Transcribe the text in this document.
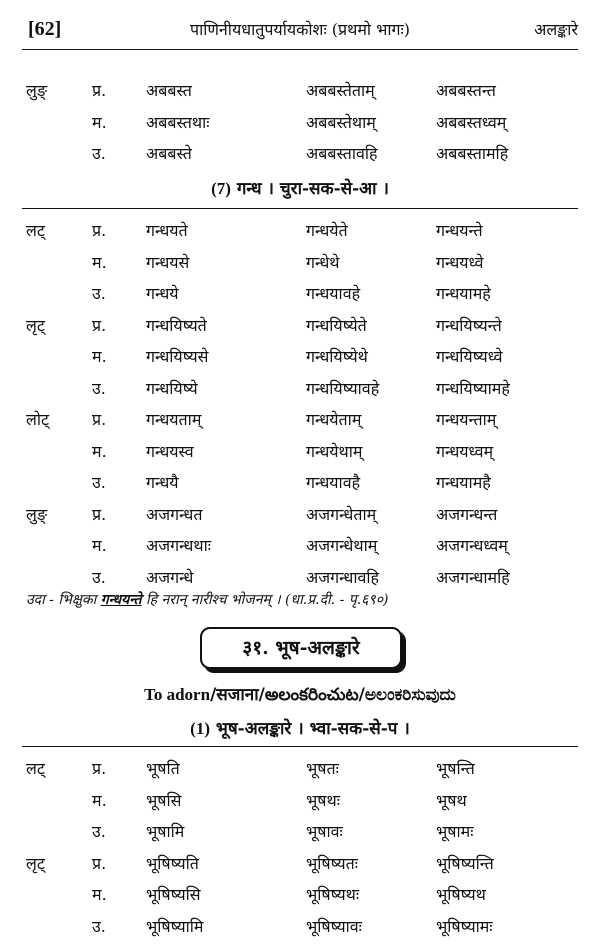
[62]	पाणिनीयधातुपर्यायकोशः (प्रथमो भागः)	अलङ्कारे
लुङ्	प्र. अबबस्त	अबबस्तेताम्	अबबस्तन्त
म. अबबस्तथाः	अबबस्तेथाम्	अबबस्तध्वम्
उ.	अबबस्ते	अबबस्तावहि	अबबस्तामहि
(7) गन्ध । चुरा-सक-से-आ ।
लट्	प्र. गन्धयते	गन्धयेते	गन्धयन्ते
म. गन्धयसे	गन्धेथे	गन्धयध्वे
उ.	गन्धये	गन्धयावहे	गन्धयामहे
लृट्	प्र. गन्धयिष्यते	गन्धयिष्येते	गन्धयिष्यन्ते
म. गन्धयिष्यसे	गन्धयिष्येथे	गन्धयिष्यध्वे
उ.	गन्धयिष्ये	गन्धयिष्यावहे	गन्धयिष्यामहे
लोट्	प्र. गन्धयताम्	गन्धयेताम्	गन्धयन्ताम्
म. गन्धयस्व	गन्धयेथाम्	गन्धयध्वम्
उ.	गन्धयै	गन्धयावहै	गन्धयामहै
लुङ्	प्र. अजगन्धत	अजगन्धेताम्	अजगन्धन्त
म. अजगन्धथाः	अजगन्धेथाम्	अजगन्धध्वम्
उ.	अजगन्धे	अजगन्धावहि	अजगन्धामहि
उदा - भिक्षुका गन्धयन्ते हि नरान् नारीश्च भोजनम् । (धा.प्र.दी. - पृ.६९०)
३१. भूष-अलङ्कारे
To adorn/सजाना/అలంకరించుట/ಅಲಂಕರಿಸುವುದು
(1) भूष-अलङ्कारे । भ्वा-सक-से-प ।
लट्	प्र. भूषति	भूषतः	भूषन्ति
म. भूषसि	भूषथः	भूषथ
उ.	भूषामि	भूषावः	भूषामः
लृट्	प्र. भूषिष्यति	भूषिष्यतः	भूषिष्यन्ति
म. भूषिष्यसि	भूषिष्यथः	भूषिष्यथ
उ.	भूषिष्यामि	भूषिष्यावः	भूषिष्यामः
